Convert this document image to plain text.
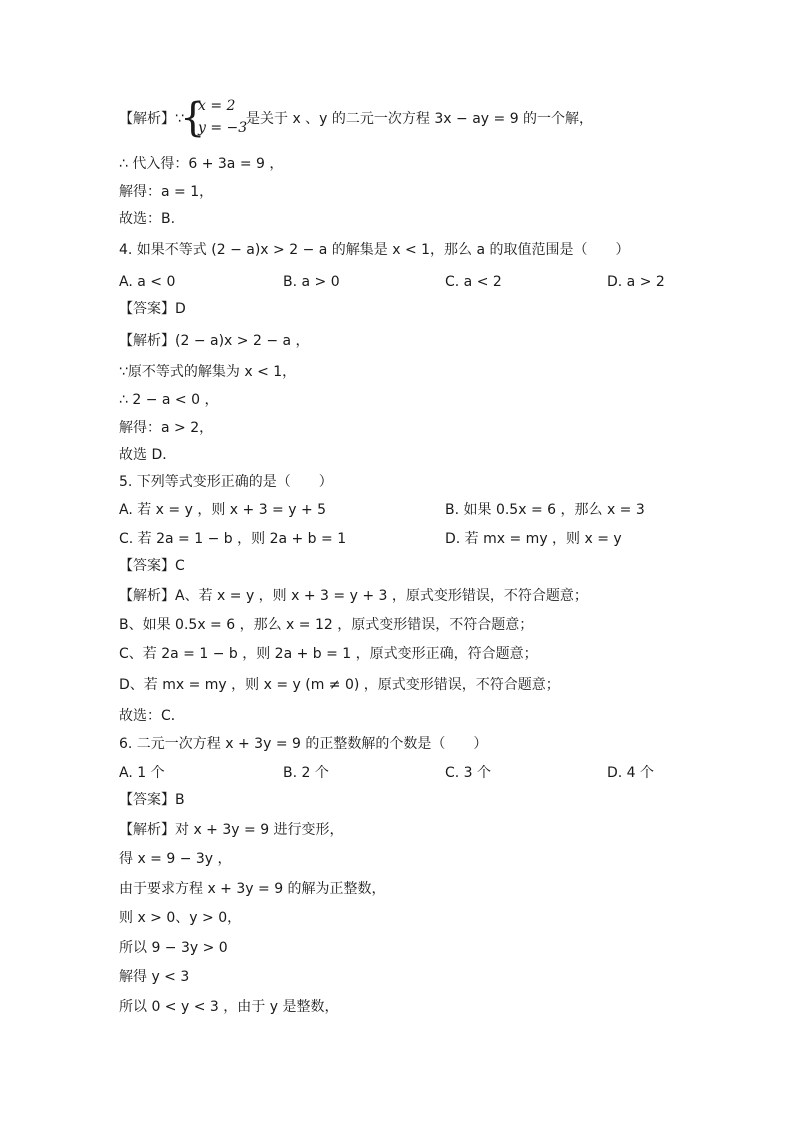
【解析】∵
{
x = 2
y = −3
是关于 x 、y 的二元一次方程 3x − ay = 9 的一个解，
∴ 代入得：6 + 3a = 9 ，
解得：a = 1，
故选：B.
4. 如果不等式 (2 − a)x > 2 − a 的解集是 x < 1，那么 a 的取值范围是（　　）
A. a < 0	B. a > 0	C. a < 2	D. a > 2
【答案】D
【解析】(2 − a)x > 2 − a ，
∵原不等式的解集为 x < 1，
∴ 2 − a < 0 ，
解得：a > 2，
故选 D．
5. 下列等式变形正确的是（　　）
A. 若 x = y ，则 x + 3 = y + 5	B. 如果 0.5x = 6 ，那么 x = 3
C. 若 2a = 1 − b ，则 2a + b = 1	D. 若 mx = my ，则 x = y
【答案】C
【解析】A、若 x = y ，则 x + 3 = y + 3 ，原式变形错误，不符合题意；
B、如果 0.5x = 6 ，那么 x = 12 ，原式变形错误，不符合题意；
C、若 2a = 1 − b ，则 2a + b = 1 ，原式变形正确，符合题意；
D、若 mx = my ，则 x = y (m ≠ 0) ，原式变形错误，不符合题意；
故选：C．
6. 二元一次方程 x + 3y = 9 的正整数解的个数是（　　）
A. 1 个	B. 2 个	C. 3 个	D. 4 个
【答案】B
【解析】对 x + 3y = 9 进行变形，
得 x = 9 − 3y ，
由于要求方程 x + 3y = 9 的解为正整数，
则 x > 0、y > 0，
所以 9 − 3y > 0
解得 y < 3
所以 0 < y < 3 ，由于 y 是整数，
